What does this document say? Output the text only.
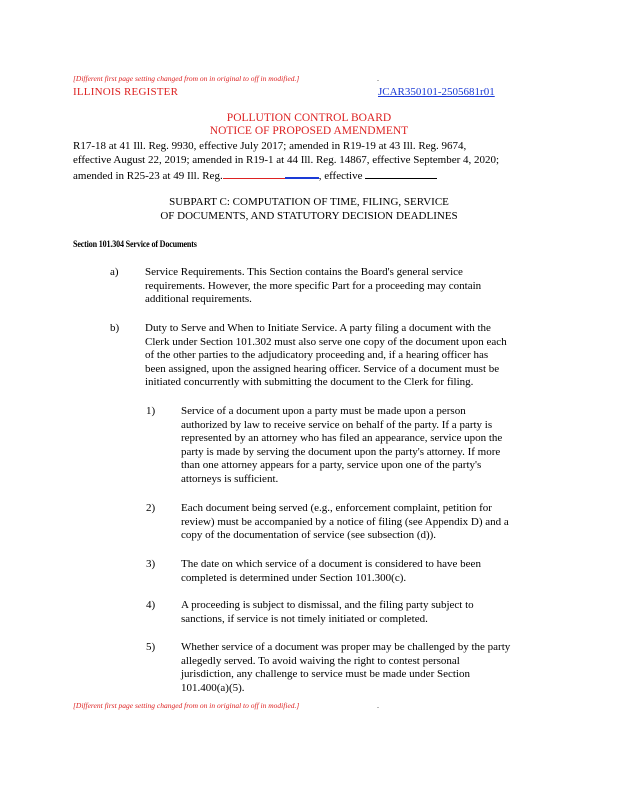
[Different first page setting changed from on in original to off in modified.]	.
ILLINOIS REGISTER	JCAR350101-2505681r01
POLLUTION CONTROL BOARD
NOTICE OF PROPOSED AMENDMENT
R17-18 at 41 Ill. Reg. 9930, effective July 2017; amended in R19-19 at 43 Ill. Reg. 9674,
effective August 22, 2019; amended in R19-1 at 44 Ill. Reg. 14867, effective September 4, 2020;
amended in R25-23 at 49 Ill. Reg.	, effective
SUBPART C: COMPUTATION OF TIME, FILING, SERVICE
OF DOCUMENTS, AND STATUTORY DECISION DEADLINES
Section 101.304 Service of Documents
a) Service Requirements. This Section contains the Board's general service
requirements. However, the more specific Part for a proceeding may contain
additional requirements.
b) Duty to Serve and When to Initiate Service. A party filing a document with the
Clerk under Section 101.302 must also serve one copy of the document upon each
of the other parties to the adjudicatory proceeding and, if a hearing officer has
been assigned, upon the assigned hearing officer. Service of a document must be
initiated concurrently with submitting the document to the Clerk for filing.
1) Service of a document upon a party must be made upon a person
authorized by law to receive service on behalf of the party. If a party is
represented by an attorney who has filed an appearance, service upon the
party is made by serving the document upon the party's attorney. If more
than one attorney appears for a party, service upon one of the party's
attorneys is sufficient.
2) Each document being served (e.g., enforcement complaint, petition for
review) must be accompanied by a notice of filing (see Appendix D) and a
copy of the documentation of service (see subsection (d)).
3) The date on which service of a document is considered to have been
completed is determined under Section 101.300(c).
4) A proceeding is subject to dismissal, and the filing party subject to
sanctions, if service is not timely initiated or completed.
5) Whether service of a document was proper may be challenged by the party
allegedly served. To avoid waiving the right to contest personal
jurisdiction, any challenge to service must be made under Section
101.400(a)(5).
[Different first page setting changed from on in original to off in modified.]	.
